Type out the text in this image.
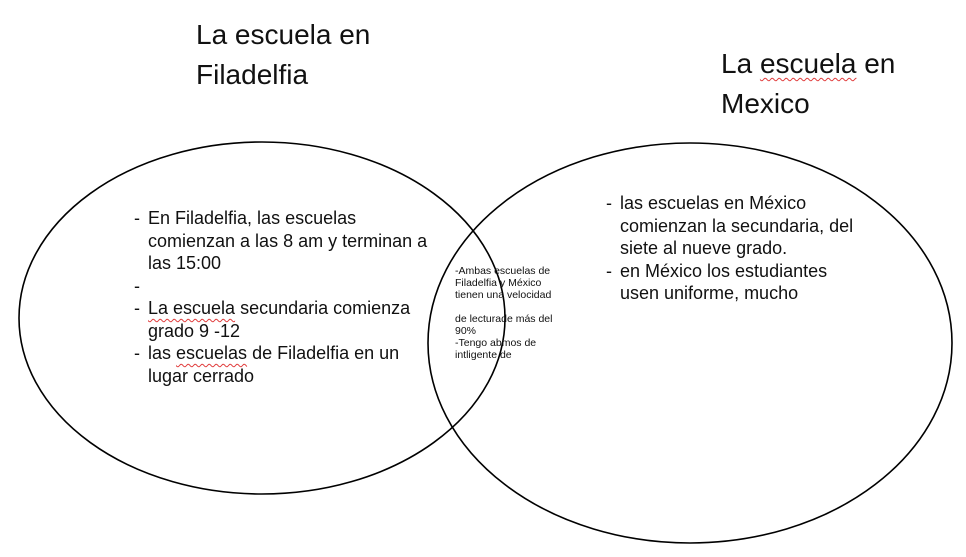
La escuela en
Filadelfia	La escuela en
Mexico
- En Filadelfia, las escuelas comienzan a las 8 am y terminan a las 15:00
-
- La escuela secundaria comienza grado 9 -12
- las escuelas de Filadelfia en un lugar cerrado
- las escuelas en México comienzan la secundaria, del siete al nueve grado.
- en México los estudiantes usen uniforme, mucho

-Ambas escuelas de Filadelfia y México tienen una velocidad

de lecturade más del 90%
-Tengo abmos de intligente de
